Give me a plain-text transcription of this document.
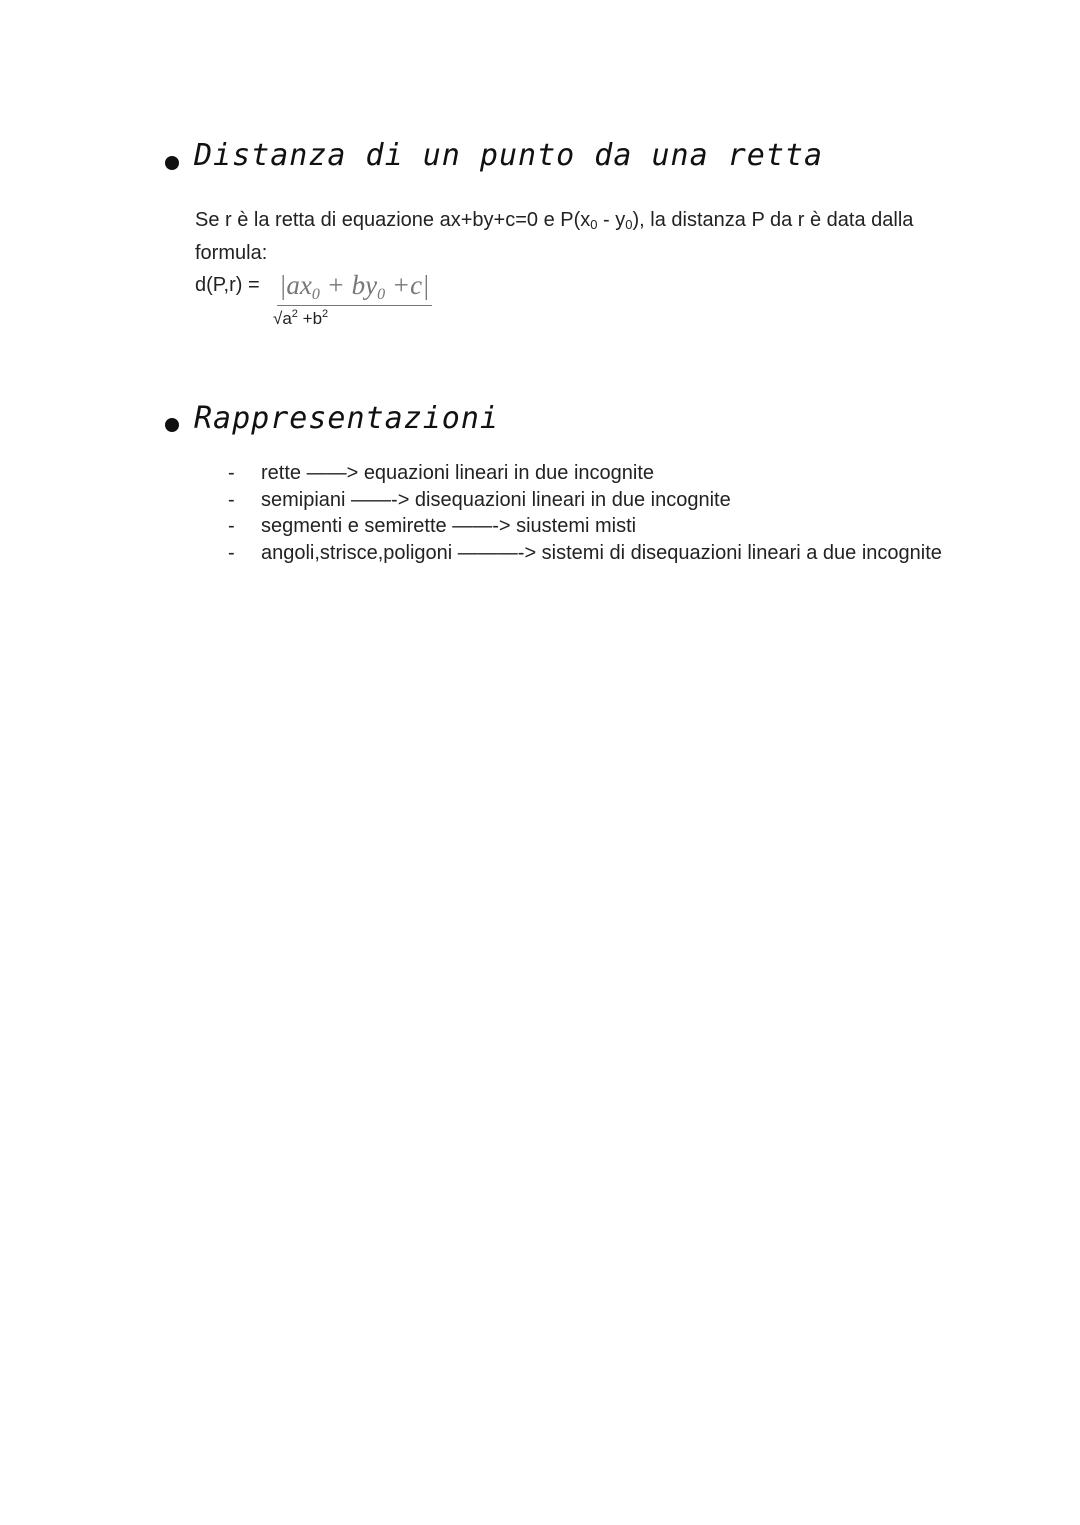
Distanza di un punto da una retta
Se r è la retta di equazione ax+by+c=0 e $P(x_0 - y_0)$, la distanza P da r è data dalla formula:
$d(P,r) = |ax_0 + by_0 +c|$
$√a^2 +b^2$
Rappresentazioni
- rette ——> equazioni lineari in due incognite
- semipiani ——-> disequazioni lineari in due incognite
- segmenti e semirette ——-> siustemi misti
- angoli,strisce,poligoni ———-> sistemi di disequazioni lineari a due incognite
